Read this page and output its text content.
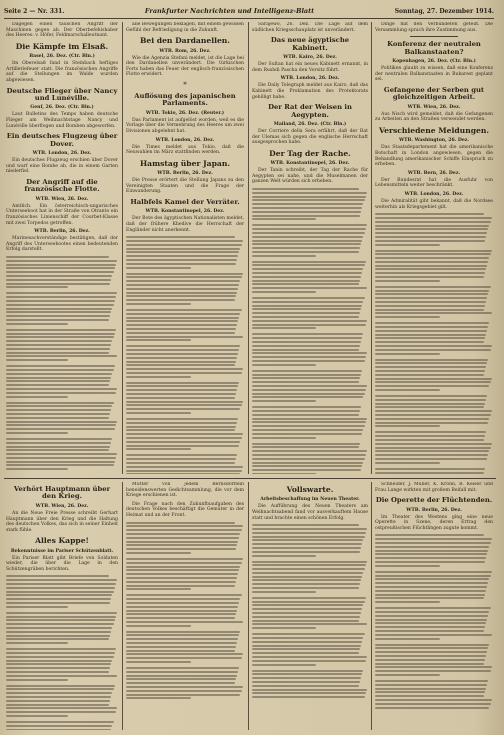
Seite 2 — Nr. 331.	Frankfurter Nachrichten und Intelligenz-Blatt	Sonntag, 27. Dezember 1914.

Dagegen einen täuschen Angriff der Maschinen gegen ab. Der Oberbefehlshaber des Heeres: v. Höfer, Feldmarschalleutnant.

Die Kämpfe im Elsaß.
Basel, 26. Dez. (Ctr. Bln.)

Im Oberelsaß fand in Steinbach heftiges Artilleriefeuer statt. Die französischen Angriffe auf die Stellungen im Walde wurden abgewiesen.

Deutsche Flieger über Nancy und Lunéville.
Genf, 26. Dez. (Ctr. Bln.)

Laut Bulletins des Temps haben deutsche Flieger am Weihnachtstage Nancy und Lunéville überflogen und Bomben abgeworfen.

Ein deutsches Flugzeug über Dover.
WTB. London, 26. Dez.

Ein deutsches Flugzeug erschien über Dover und warf eine Bombe ab, die in einem Garten niederfiel.

Der Angriff auf die französische Flotte.
WTB. Wien, 26. Dez.

Amtlich. Ein österreichisch-ungarisches Unterseeboot hat in der Straße von Otranto ein französisches Linienschiff der Courbet-Klasse mit zwei Torpedos getroffen.

WTB. Berlin, 26. Dez.

Marinesachverständige bestätigen, daß der Angriff des Unterseebootes einen bedeutenden Erfolg darstellt.

alle Bewegungen beklagen, mit einem gewissen Gefühl der Befriedigung in die Zukunft.

Bei den Dardanellen.
WTB. Rom, 26. Dez.

Wie die Agenzia Stefani meldet, ist die Lage bei den Dardanellen unverändert. Die türkischen Forts haben das Feuer der englisch-französischen Flotte erwidert.

*
Auflösung des japanischen Parlaments.
WTB. Tokio, 26. Dez. (Reuter.)

Das Parlament ist aufgelöst worden, weil es die Vorlage über die Vermehrung des Heeres um zwei Divisionen abgelehnt hat.

WTB. London, 26. Dez.

Die Times meldet aus Tokio, daß die Neuwahlen im März stattfinden werden.

Hamstag über Japan.
WTB. Berlin, 26. Dez.

Die Presse erörtert die Stellung Japans zu den Vereinigten Staaten und die Frage der Einwanderung.

Halbfels Kamel der Verräter.
WTB. Konstantinopel, 26. Dez.

Der Bote des ägyptischen Nationalisten meldet, daß der frühere Khedive die Herrschaft der Engländer nicht anerkennt.

Sarajewo, 26. Dez. Die Lage auf dem südlichen Kriegsschauplatz ist unverändert.

Das neue ägyptische Kabinett.
WTB. Kairo, 26. Dez.

Der Sultan hat ein neues Kabinett ernannt, in dem Rushdi Pascha den Vorsitz führt.

WTB. London, 26. Dez.

Die Daily Telegraph meldet aus Kairo, daß das Kabinett die Proklamation des Protektorats gebilligt habe.

Der Rat der Weisen in Aegypten.
Mailand, 26. Dez. (Ctr. Bln.)

Der Corriere della Sera erfährt, daß der Rat der Ulemas sich gegen die englische Herrschaft ausgesprochen habe.

Der Tag der Rache.
WTB. Konstantinopel, 26. Dez.

Der Tanin schreibt, der Tag der Rache für Aegypten sei nahe, und die Muselmanen der ganzen Welt würden sich erheben.

Dinge mit den Verbündeten geteilt. Die Versammlung sprach ihre Zustimmung aus.

Konferenz der neutralen Balkanstaaten?
Kopenhagen, 26. Dez. (Ctr. Bln.)

Politiken glaubt zu wissen, daß eine Konferenz der neutralen Balkanstaaten in Bukarest geplant sei.

Gefangene der Serben gut gleichzeitigen Arbeit.
WTB. Wien, 26. Dez.

Aus Nisch wird gemeldet, daß die Gefangenen zu Arbeiten an den Straßen verwendet werden.

Verschiedene Meldungen.
WTB. Washington, 26. Dez.

Das Staatsdepartement hat die amerikanische Botschaft in London angewiesen, gegen die Behandlung amerikanischer Schiffe Einspruch zu erheben.

WTB. Bern, 26. Dez.

Der Bundesrat hat die Ausfuhr von Lebensmitteln weiter beschränkt.

WTB. London, 26. Dez.

Die Admiralität gibt bekannt, daß die Nordsee weiterhin als Kriegsgebiet gilt.

Verhört Hauptmann über den Krieg.
WTB. Wien, 26. Dez.

An die Neue Freie Presse schreibt Gerhart Hauptmann über den Krieg und die Haltung des deutschen Volkes, das sich in seiner Einheit stark fühle.

Alles Kappe!
Bekenntnisse im Pariser Schützenblatt.

Ein Pariser Blatt gibt Briefe von Soldaten wieder, die über die Lage in den Schützengräben berichten.

Mutter von jedem Bernsdörflein beneidenswerten Gedichtsammlung, die vor dem Kriege erschienen ist.

Die Frage nach den Zukunftsaufgaben des deutschen Volkes beschäftigt die Gemüter in der Heimat und an der Front.

Vollswarte.
Arbeitsbeschaffung im Neuen Theater.

Die Aufführung des Neuen Theaters am Weihnachtsabend fand vor ausverkauftem Hause statt und brachte einen schönen Erfolg.

Schneider, J. Müller, K. Kronn, B. Keiser und Frau Lange wirkten mit großem Beifall mit.

Die Operette der Flüchtenden.
WTB. Berlin, 26. Dez.

Im Theater des Westens ging eine neue Operette in Szene, deren Ertrag den ostpreußischen Flüchtlingen zugute kommt.
